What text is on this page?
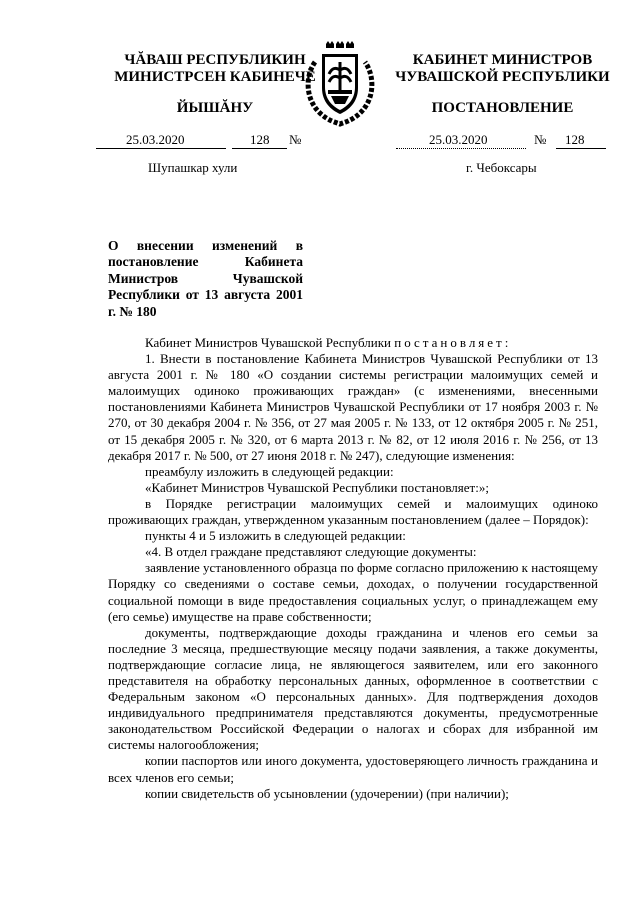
ЧĂВАШ РЕСПУБЛИКИН
МИНИСТРСЕН КАБИНЕЧĚ
ЙЫШĂНУ
КАБИНЕТ МИНИСТРОВ
ЧУВАШСКОЙ РЕСПУБЛИКИ
ПОСТАНОВЛЕНИЕ
25.03.2020	128 №	25.03.2020	№ 128
Шупашкар хули	г. Чебоксары
О внесении изменений в постановление Кабинета Министров Чувашской Республики от 13 августа 2001 г. № 180

Кабинет Министров Чувашской Республики постановляет:

1. Внести в постановление Кабинета Министров Чувашской Республики от 13 августа 2001 г. № 180 «О создании системы регистрации малоимущих семей и малоимущих одиноко проживающих граждан» (с изменениями, внесенными постановлениями Кабинета Министров Чувашской Республики от 17 ноября 2003 г. № 270, от 30 декабря 2004 г. № 356, от 27 мая 2005 г. № 133, от 12 октября 2005 г. № 251, от 15 декабря 2005 г. № 320, от 6 марта 2013 г. № 82, от 12 июля 2016 г. № 256, от 13 декабря 2017 г. № 500, от 27 июня 2018 г. № 247), следующие изменения:

преамбулу изложить в следующей редакции:

«Кабинет Министров Чувашской Республики постановляет:»;

в Порядке регистрации малоимущих семей и малоимущих одиноко проживающих граждан, утвержденном указанным постановлением (далее – Порядок):

пункты 4 и 5 изложить в следующей редакции:

«4. В отдел граждане представляют следующие документы:

заявление установленного образца по форме согласно приложению к настоящему Порядку со сведениями о составе семьи, доходах, о получении государственной социальной помощи в виде предоставления социальных услуг, о принадлежащем ему (его семье) имуществе на праве собственности;

документы, подтверждающие доходы гражданина и членов его семьи за последние 3 месяца, предшествующие месяцу подачи заявления, а также документы, подтверждающие согласие лица, не являющегося заявителем, или его законного представителя на обработку персональных данных, оформленное в соответствии с Федеральным законом «О персональных данных». Для подтверждения доходов индивидуального предпринимателя представляются документы, предусмотренные законодательством Российской Федерации о налогах и сборах для избранной им системы налогообложения;

копии паспортов или иного документа, удостоверяющего личность гражданина и всех членов его семьи;

копии свидетельств об усыновлении (удочерении) (при наличии);
